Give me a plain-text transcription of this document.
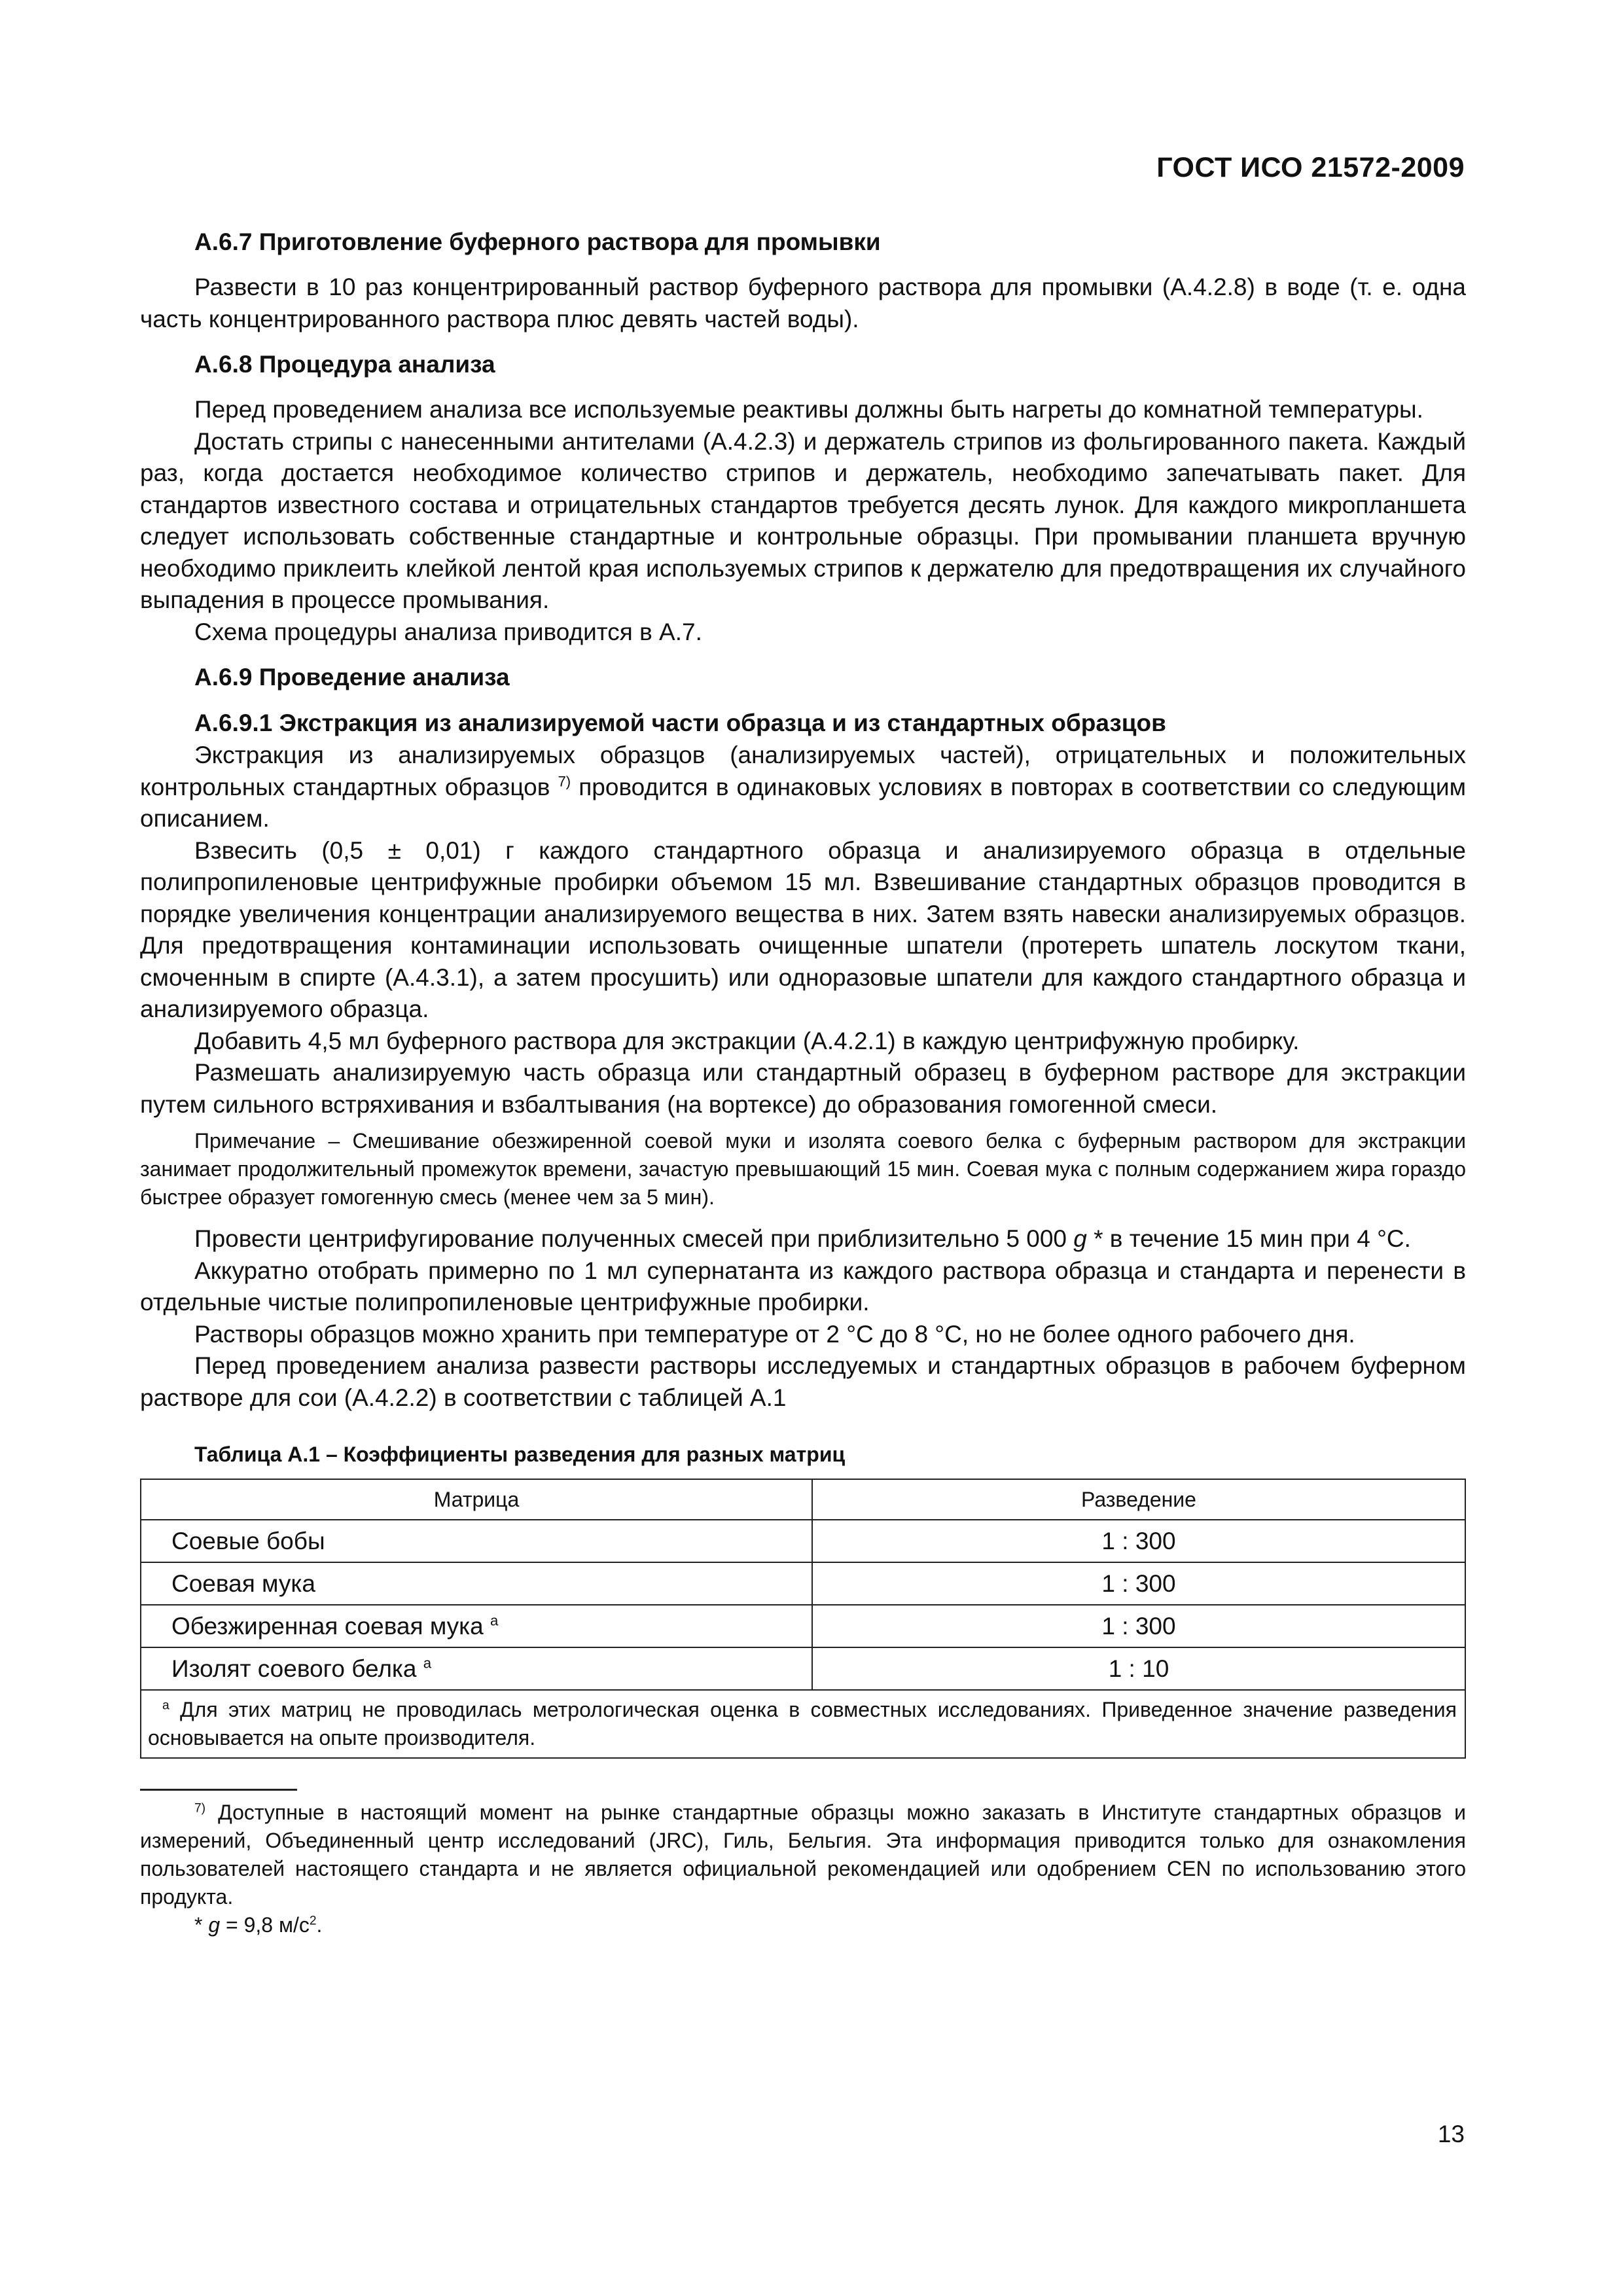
ГОСТ ИСО 21572-2009

А.6.7 Приготовление буферного раствора для промывки

Развести в 10 раз концентрированный раствор буферного раствора для промывки (А.4.2.8) в воде (т. е. одна часть концентрированного раствора плюс девять частей воды).

А.6.8 Процедура анализа

Перед проведением анализа все используемые реактивы должны быть нагреты до комнатной температуры.

Достать стрипы с нанесенными антителами (А.4.2.3) и держатель стрипов из фольгированного пакета. Каждый раз, когда достается необходимое количество стрипов и держатель, необходимо запечатывать пакет. Для стандартов известного состава и отрицательных стандартов требуется десять лунок. Для каждого микропланшета следует использовать собственные стандартные и контрольные образцы. При промывании планшета вручную необходимо приклеить клейкой лентой края используемых стрипов к держателю для предотвращения их случайного выпадения в процессе промывания.

Схема процедуры анализа приводится в А.7.

А.6.9 Проведение анализа

А.6.9.1 Экстракция из анализируемой части образца и из стандартных образцов

Экстракция из анализируемых образцов (анализируемых частей), отрицательных и положительных контрольных стандартных образцов $^{7)}$ проводится в одинаковых условиях в повторах в соответствии со следующим описанием.

Взвесить (0,5 ± 0,01) г каждого стандартного образца и анализируемого образца в отдельные полипропиленовые центрифужные пробирки объемом 15 мл. Взвешивание стандартных образцов проводится в порядке увеличения концентрации анализируемого вещества в них. Затем взять навески анализируемых образцов. Для предотвращения контаминации использовать очищенные шпатели (протереть шпатель лоскутом ткани, смоченным в спирте (А.4.3.1), а затем просушить) или одноразовые шпатели для каждого стандартного образца и анализируемого образца.

Добавить 4,5 мл буферного раствора для экстракции (А.4.2.1) в каждую центрифужную пробирку.

Размешать анализируемую часть образца или стандартный образец в буферном растворе для экстракции путем сильного встряхивания и взбалтывания (на вортексе) до образования гомогенной смеси.

Примечание – Смешивание обезжиренной соевой муки и изолята соевого белка с буферным раствором для экстракции занимает продолжительный промежуток времени, зачастую превышающий 15 мин. Соевая мука с полным содержанием жира гораздо быстрее образует гомогенную смесь (менее чем за 5 мин).

Провести центрифугирование полученных смесей при приблизительно 5 000 g * в течение 15 мин при 4 °С.

Аккуратно отобрать примерно по 1 мл супернатанта из каждого раствора образца и стандарта и перенести в отдельные чистые полипропиленовые центрифужные пробирки.

Растворы образцов можно хранить при температуре от 2 °С до 8 °С, но не более одного рабочего дня.

Перед проведением анализа развести растворы исследуемых и стандартных образцов в рабочем буферном растворе для сои (А.4.2.2) в соответствии с таблицей А.1

Таблица А.1 – Коэффициенты разведения для разных матриц

Матрица	Разведение
Соевые бобы	1 : 300
Соевая мука	1 : 300
Обезжиренная соевая мука $^а$	1 : 300
Изолят соевого белка $^а$	1 : 10
$^а$ Для этих матриц не проводилась метрологическая оценка в совместных исследованиях. Приведенное значение разведения основывается на опыте производителя.	

$^{7)}$ Доступные в настоящий момент на рынке стандартные образцы можно заказать в Институте стандартных образцов и измерений, Объединенный центр исследований (JRC), Гиль, Бельгия. Эта информация приводится только для ознакомления пользователей настоящего стандарта и не является официальной рекомендацией или одобрением CEN по использованию этого продукта.

* g = 9,8 $м/с^2$.

13
